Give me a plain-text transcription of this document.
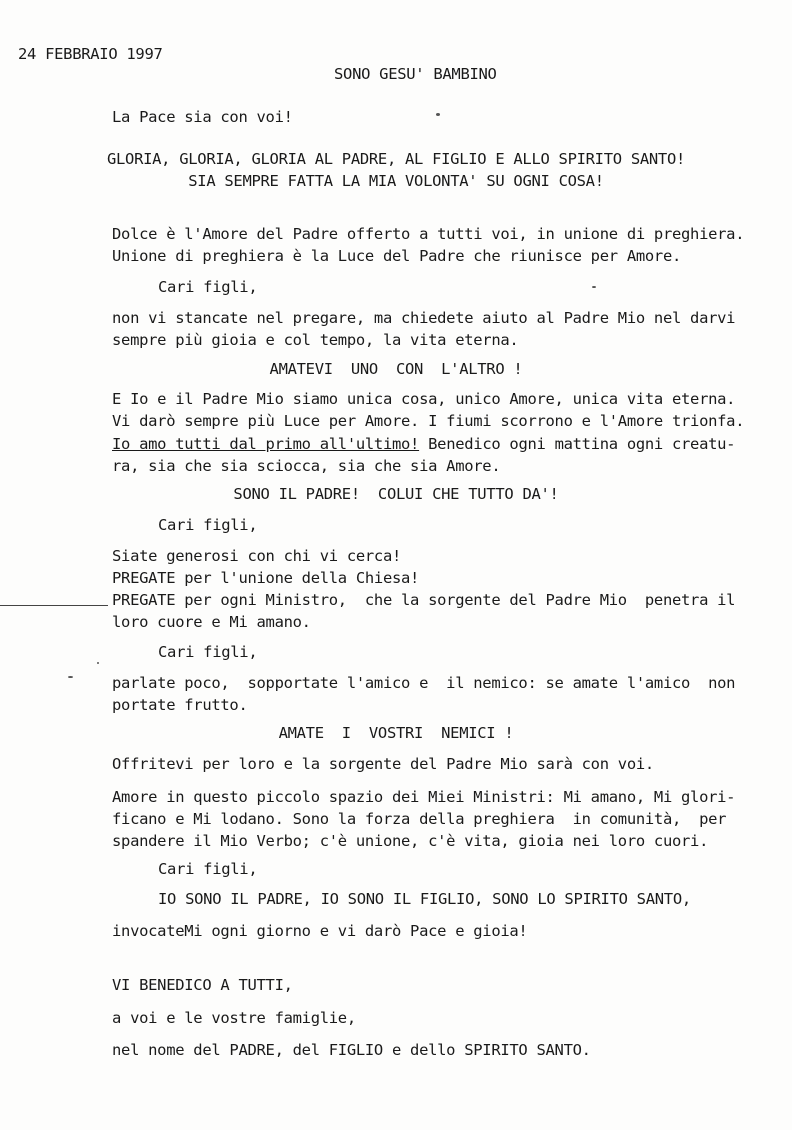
24 FEBBRAIO 1997
SONO GESU' BAMBINO
La Pace sia con voi!
GLORIA, GLORIA, GLORIA AL PADRE, AL FIGLIO E ALLO SPIRITO SANTO!
SIA SEMPRE FATTA LA MIA VOLONTA' SU OGNI COSA!
Dolce è l'Amore del Padre offerto a tutti voi, in unione di preghiera.
Unione di preghiera è la Luce del Padre che riunisce per Amore.
Cari figli,
non vi stancate nel pregare, ma chiedete aiuto al Padre Mio nel darvi
sempre più gioia e col tempo, la vita eterna.
AMATEVI  UNO  CON  L'ALTRO !
E Io e il Padre Mio siamo unica cosa, unico Amore, unica vita eterna.
Vi darò sempre più Luce per Amore. I fiumi scorrono e l'Amore trionfa.
Io amo tutti dal primo all'ultimo! Benedico ogni mattina ogni creatu-
ra, sia che sia sciocca, sia che sia Amore.
SONO IL PADRE!  COLUI CHE TUTTO DA'!
Cari figli,
Siate generosi con chi vi cerca!
PREGATE per l'unione della Chiesa!
PREGATE per ogni Ministro,  che la sorgente del Padre Mio  penetra il
loro cuore e Mi amano.
Cari figli,
parlate poco,  sopportate l'amico e  il nemico: se amate l'amico  non
portate frutto.
AMATE  I  VOSTRI  NEMICI !
Offritevi per loro e la sorgente del Padre Mio sarà con voi.
Amore in questo piccolo spazio dei Miei Ministri: Mi amano, Mi glori-
ficano e Mi lodano. Sono la forza della preghiera  in comunità,  per
spandere il Mio Verbo; c'è unione, c'è vita, gioia nei loro cuori.
Cari figli,
IO SONO IL PADRE, IO SONO IL FIGLIO, SONO LO SPIRITO SANTO,
invocateMi ogni giorno e vi darò Pace e gioia!
VI BENEDICO A TUTTI,
a voi e le vostre famiglie,
nel nome del PADRE, del FIGLIO e dello SPIRITO SANTO.
